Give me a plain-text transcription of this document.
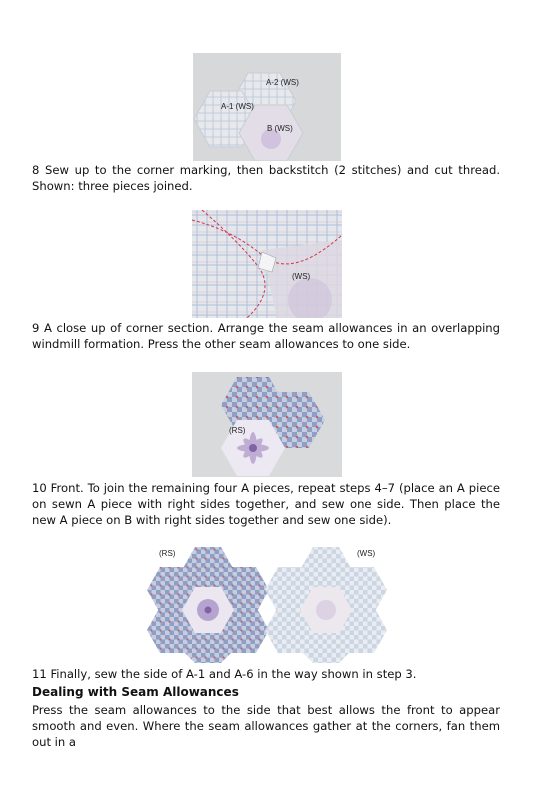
A-2 (WS)
A-1 (WS)
B (WS)

8 Sew up to the corner marking, then backstitch (2 stitches) and cut thread. Shown: three pieces joined.

(WS)

9 A close up of corner section. Arrange the seam allowances in an overlapping windmill formation. Press the other seam allowances to one side.

(RS)

10 Front. To join the remaining four A pieces, repeat steps 4–7 (place an A piece on sewn A piece with right sides together, and sew one side. Then place the new A piece on B with right sides together and sew one side).

(RS)	(WS)

11 Finally, sew the side of A-1 and A-6 in the way shown in step 3.

Dealing with Seam Allowances

Press the seam allowances to the side that best allows the front to appear smooth and even. Where the seam allowances gather at the corners, fan them out in a
